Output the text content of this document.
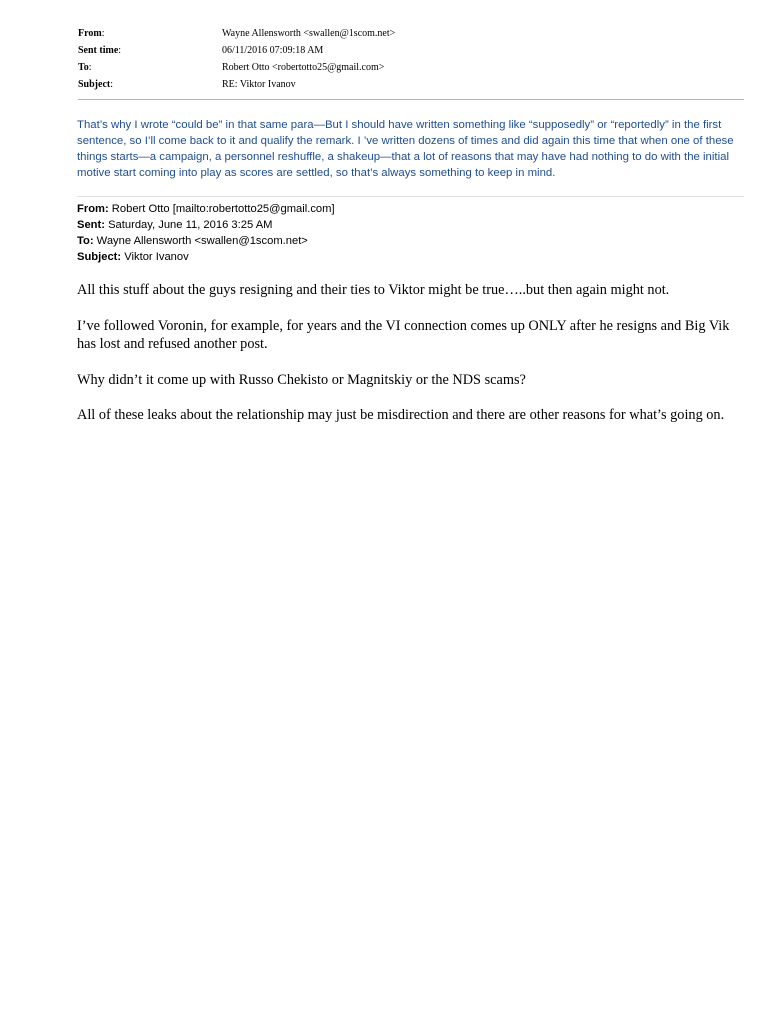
From:	Wayne Allensworth <swallen@1scom.net>
Sent time:	06/11/2016 07:09:18 AM
To:	Robert Otto <robertotto25@gmail.com>
Subject:	RE: Viktor Ivanov

That’s why I wrote “could be” in that same para—But I should have written something like “supposedly” or “reportedly” in the first sentence, so I’ll come back to it and qualify the remark. I ’ve written dozens of times and did again this time that when one of these things starts—a campaign, a personnel reshuffle, a shakeup—that a lot of reasons that may have had nothing to do with the initial motive start coming into play as scores are settled, so that’s always something to keep in mind.

From: Robert Otto [mailto:robertotto25@gmail.com]
Sent: Saturday, June 11, 2016 3:25 AM
To: Wayne Allensworth <swallen@1scom.net>
Subject: Viktor Ivanov

All this stuff about the guys resigning and their ties to Viktor might be true…..but then again might not.

I’ve followed Voronin, for example, for years and the VI connection comes up ONLY after he resigns and Big Vik has lost and refused another post.

Why didn’t it come up with Russo Chekisto or Magnitskiy or the NDS scams?

All of these leaks about the relationship may just be misdirection and there are other reasons for what’s going on.
